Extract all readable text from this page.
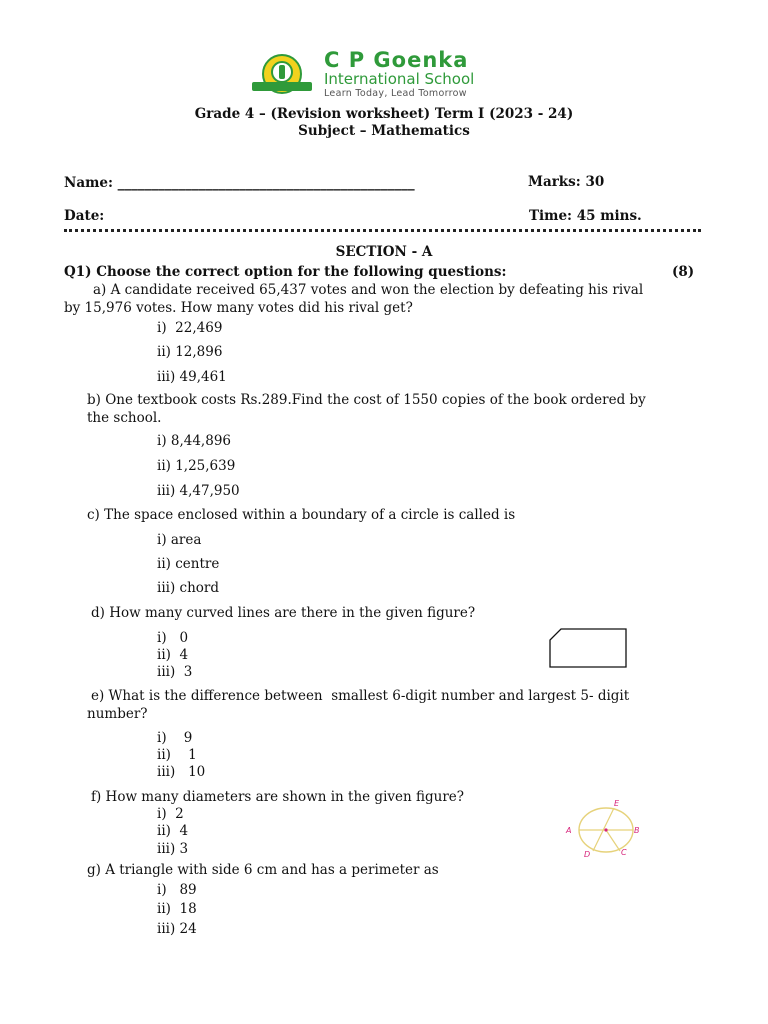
C P Goenka
International School
Learn Today, Lead Tomorrow
Grade 4 – (Revision worksheet) Term I (2023 - 24)
Subject – Mathematics
Name: ____________________________________________	Marks: 30
Date:	Time: 45 mins.
SECTION - A
Q1) Choose the correct option for the following questions:	(8)
a) A candidate received 65,437 votes and won the election by defeating his rival
by 15,976 votes. How many votes did his rival get?
i)  22,469
ii) 12,896
iii) 49,461
b) One textbook costs Rs.289.Find the cost of 1550 copies of the book ordered by
the school.
i) 8,44,896
ii) 1,25,639
iii) 4,47,950
c) The space enclosed within a boundary of a circle is called is
i) area
ii) centre
iii) chord
d) How many curved lines are there in the given figure?
i)   0
ii)  4
iii)  3
e) What is the difference between  smallest 6-digit number and largest 5- digit
number?
i)    9
ii)    1
iii)   10
f) How many diameters are shown in the given figure?
i)  2
ii)  4
iii) 3
E
A	B
D	C
g) A triangle with side 6 cm and has a perimeter as
i)   89
ii)  18
iii) 24
